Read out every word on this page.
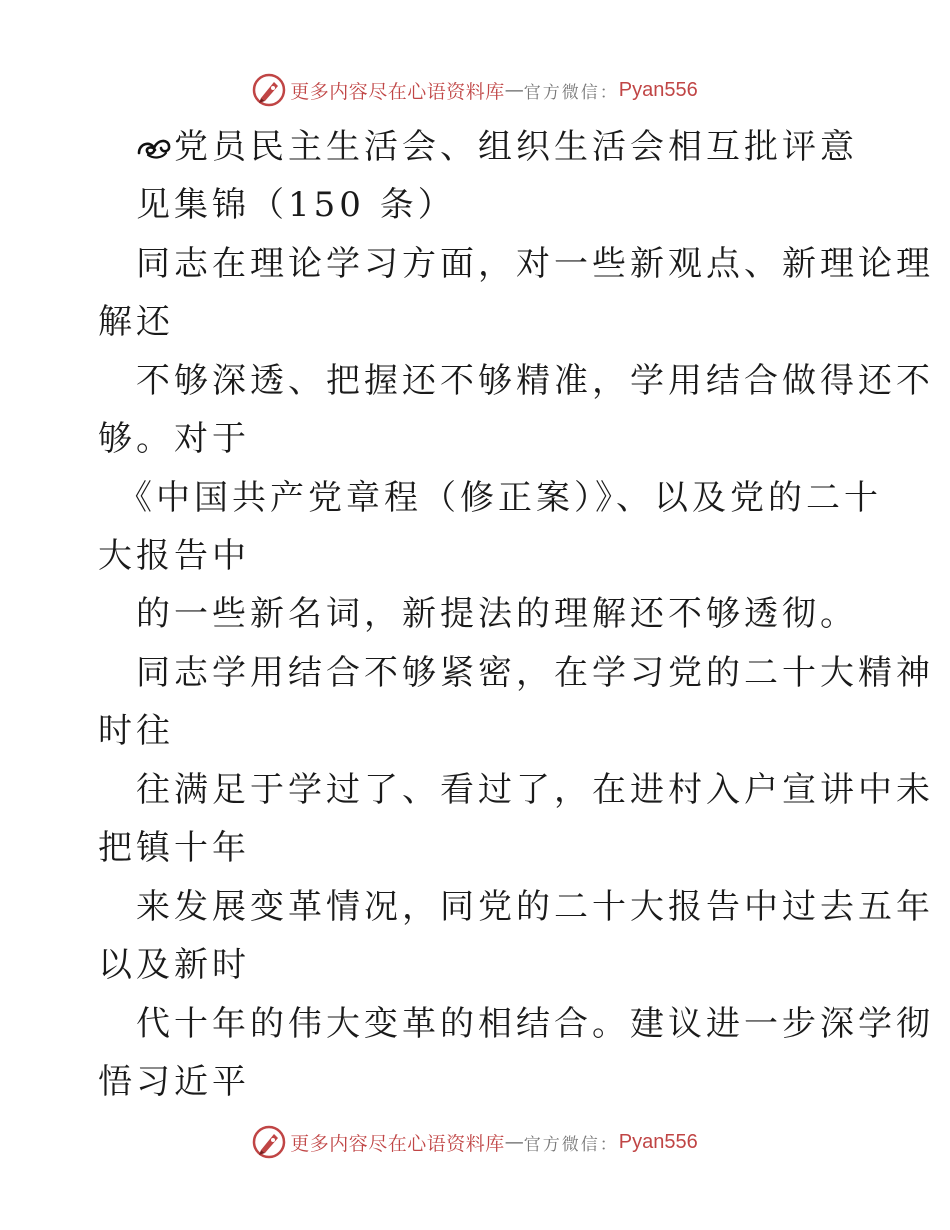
更多内容尽在心语资料库 — 官方微信： Pyan556
党员民主生活会、组织生活会相互批评意
见集锦（150 条）
同志在理论学习方面，对一些新观点、新理论理
解还
不够深透、把握还不够精准，学用结合做得还不
够。对于
《中国共产党章程（修正案）》、以及党的二十
大报告中
的一些新名词，新提法的理解还不够透彻。
同志学用结合不够紧密，在学习党的二十大精神
时往
往满足于学过了、看过了，在进村入户宣讲中未
把镇十年
来发展变革情况，同党的二十大报告中过去五年
以及新时
代十年的伟大变革的相结合。建议进一步深学彻
悟习近平
更多内容尽在心语资料库 — 官方微信： Pyan556
